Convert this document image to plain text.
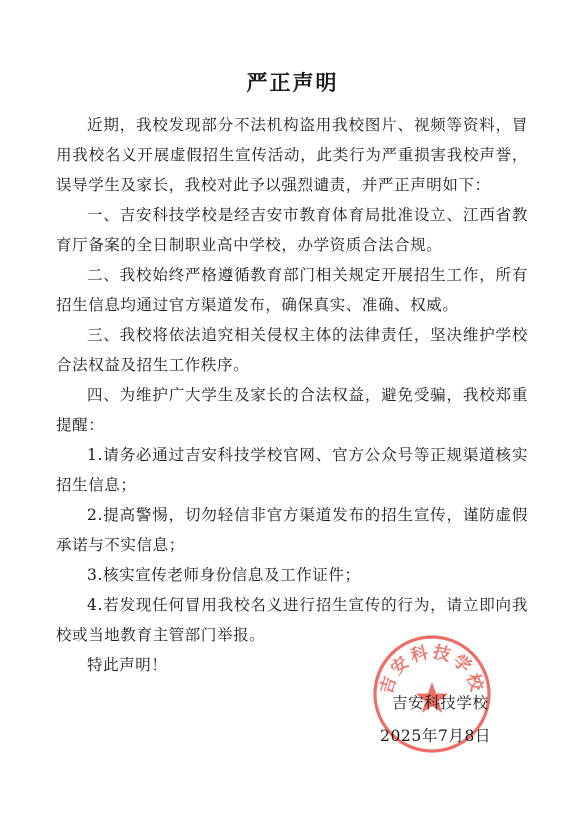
严正声明

近期，我校发现部分不法机构盗用我校图片、视频等资料，冒用我校名义开展虚假招生宣传活动，此类行为严重损害我校声誉，误导学生及家长，我校对此予以强烈谴责，并严正声明如下：

一、吉安科技学校是经吉安市教育体育局批准设立、江西省教育厅备案的全日制职业高中学校，办学资质合法合规。

二、我校始终严格遵循教育部门相关规定开展招生工作，所有招生信息均通过官方渠道发布，确保真实、准确、权威。

三、我校将依法追究相关侵权主体的法律责任，坚决维护学校合法权益及招生工作秩序。

四、为维护广大学生及家长的合法权益，避免受骗，我校郑重提醒：

1.请务必通过吉安科技学校官网、官方公众号等正规渠道核实招生信息；

2.提高警惕，切勿轻信非官方渠道发布的招生宣传，谨防虚假承诺与不实信息；

3.核实宣传老师身份信息及工作证件；

4.若发现任何冒用我校名义进行招生宣传的行为，请立即向我校或当地教育主管部门举报。

特此声明！

吉安科技学校
吉安科技学校
2025年7月8日
